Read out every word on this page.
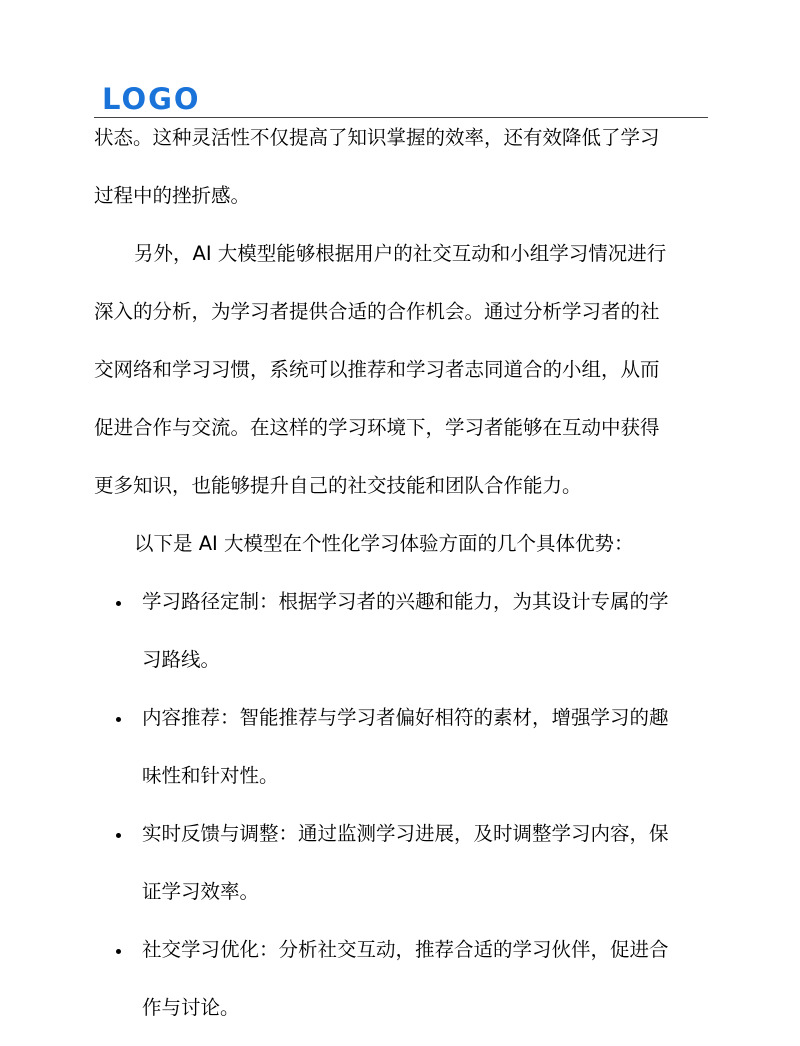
LOGO
状态。这种灵活性不仅提高了知识掌握的效率，还有效降低了学习
过程中的挫折感。
另外，AI 大模型能够根据用户的社交互动和小组学习情况进行
深入的分析，为学习者提供合适的合作机会。通过分析学习者的社
交网络和学习习惯，系统可以推荐和学习者志同道合的小组，从而
促进合作与交流。在这样的学习环境下，学习者能够在互动中获得
更多知识，也能够提升自己的社交技能和团队合作能力。
以下是 AI 大模型在个性化学习体验方面的几个具体优势：
学习路径定制：根据学习者的兴趣和能力，为其设计专属的学
习路线。
内容推荐：智能推荐与学习者偏好相符的素材，增强学习的趣
味性和针对性。
实时反馈与调整：通过监测学习进展，及时调整学习内容，保
证学习效率。
社交学习优化：分析社交互动，推荐合适的学习伙伴，促进合
作与讨论。
